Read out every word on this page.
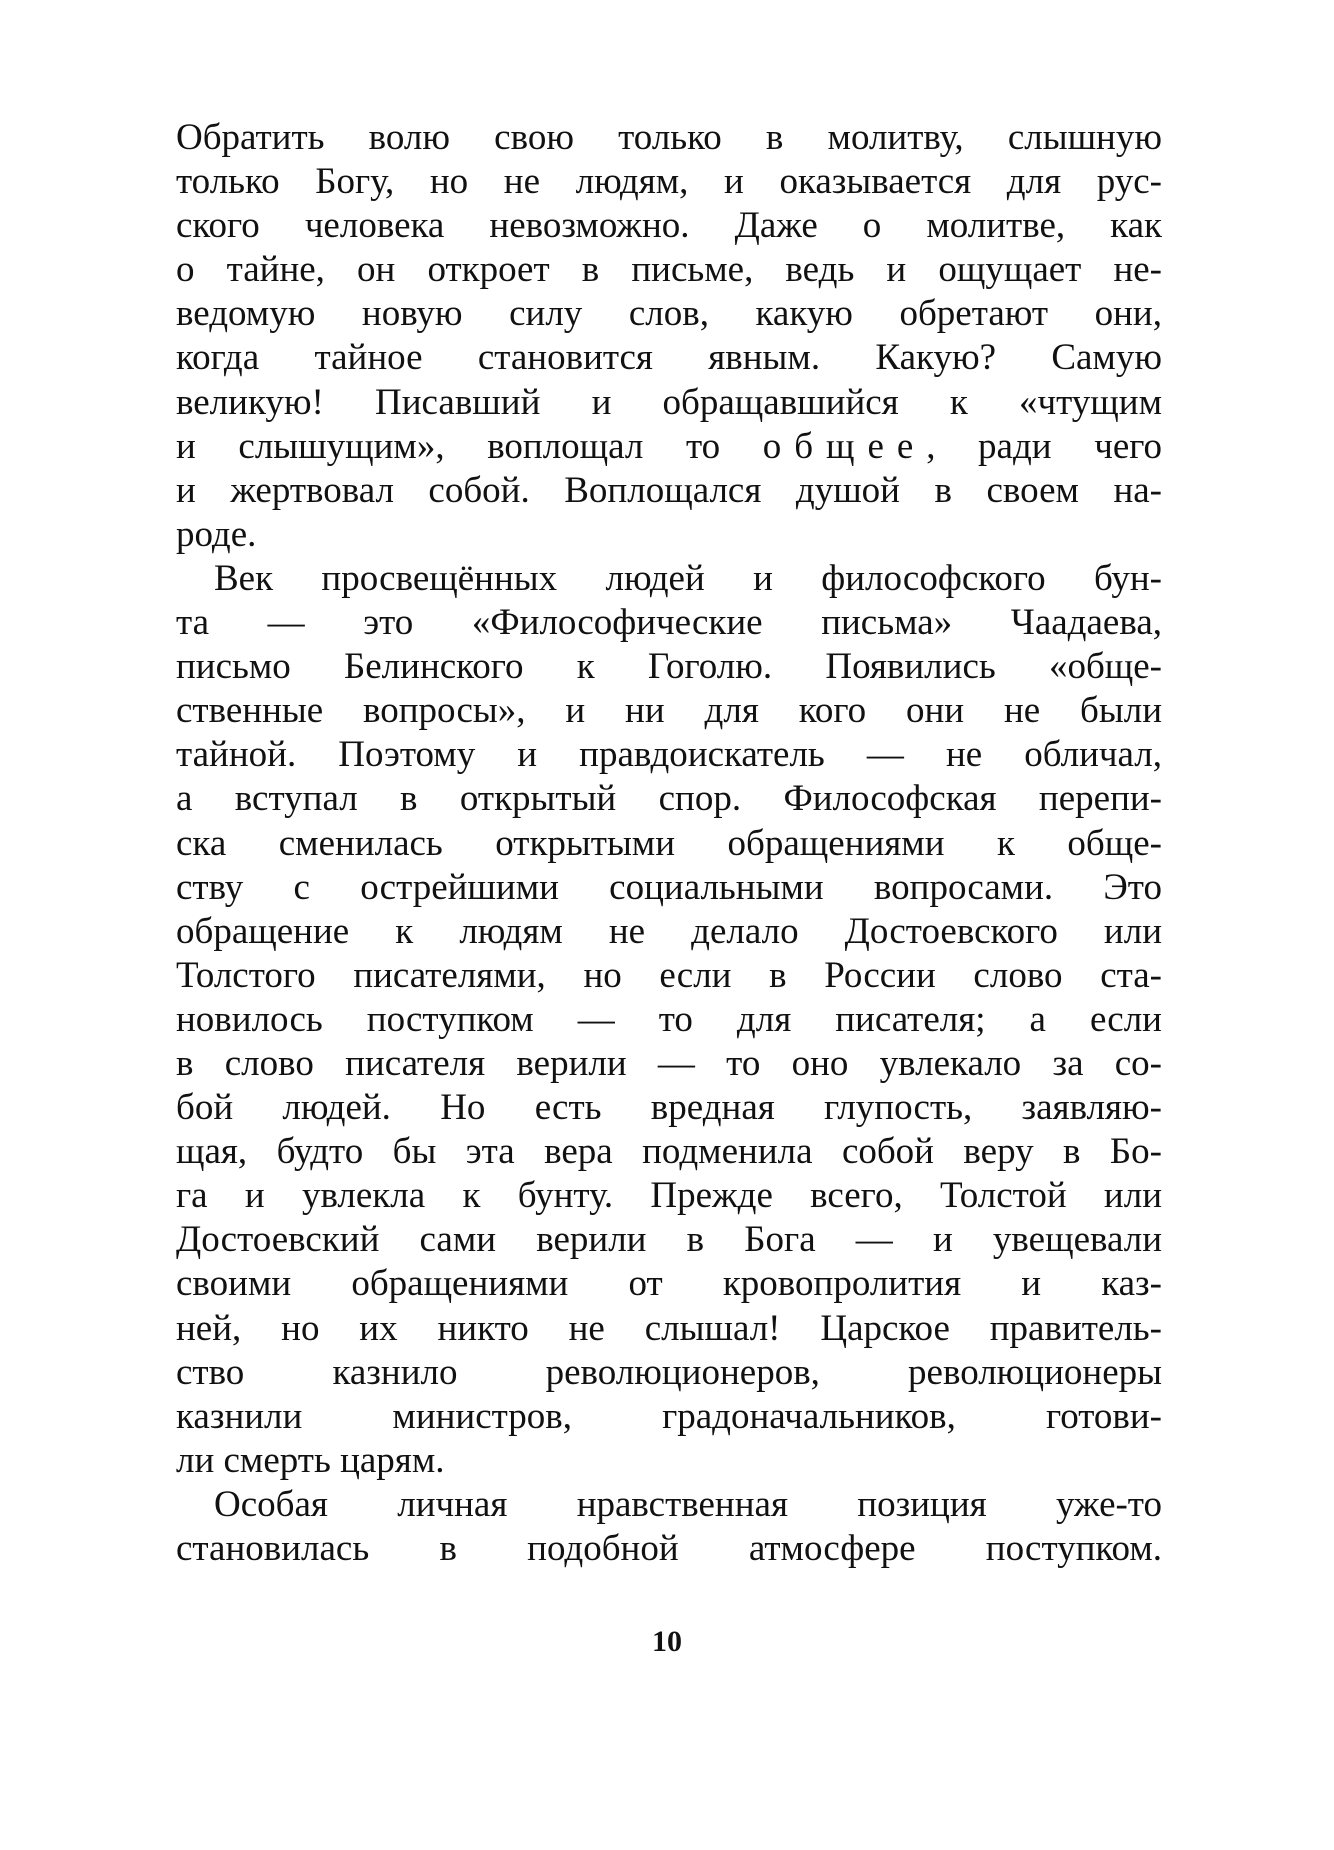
Обратить волю свою только в молитву, слышную
только Богу, но не людям, и оказывается для рус-
ского человека невозможно. Даже о молитве, как
о тайне, он откроет в письме, ведь и ощущает не-
ведомую новую силу слов, какую обретают они,
когда тайное становится явным. Какую? Самую
великую! Писавший и обращавшийся к «чтущим
и слышущим», воплощал то общее, ради чего
и жертвовал собой. Воплощался душой в своем на-
роде.
Век просвещённых людей и философского бун-
та — это «Философические письма» Чаадаева,
письмо Белинского к Гоголю. Появились «обще-
ственные вопросы», и ни для кого они не были
тайной. Поэтому и правдоискатель — не обличал,
а вступал в открытый спор. Философская перепи-
ска сменилась открытыми обращениями к обще-
ству с острейшими социальными вопросами. Это
обращение к людям не делало Достоевского или
Толстого писателями, но если в России слово ста-
новилось поступком — то для писателя; а если
в слово писателя верили — то оно увлекало за со-
бой людей. Но есть вредная глупость, заявляю-
щая, будто бы эта вера подменила собой веру в Бо-
га и увлекла к бунту. Прежде всего, Толстой или
Достоевский сами верили в Бога — и увещевали
своими обращениями от кровопролития и каз-
ней, но их никто не слышал! Царское правитель-
ство казнило революционеров, революционеры
казнили министров, градоначальников, готови-
ли смерть царям.
Особая личная нравственная позиция уже-то
становилась в подобной атмосфере поступком.
10
